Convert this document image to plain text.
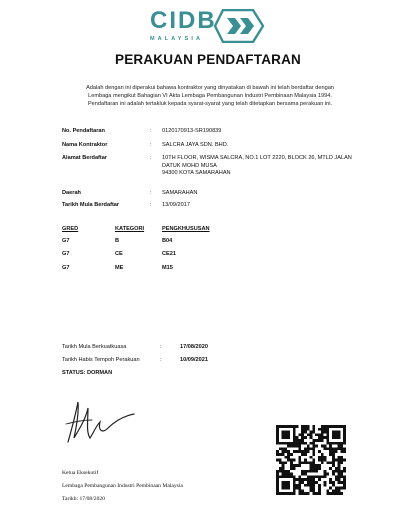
CIDB
MALAYSIA
PERAKUAN PENDAFTARAN
Adalah dengan ini diperakui bahawa kontraktor yang dinyatakan di bawah ini telah berdaftar dengan
Lembaga mengikut Bahagian VI Akta Lembaga Pembangunan Industri Pembinaan Malaysia 1994.
Pendaftaran ini adalah tertakluk kepada syarat-syarat yang telah ditetapkan bersama perakuan ini.
No. Pendaftaran	: 0120170913-SR190839
Nama Kontraktor	: SALCRA JAYA SDN. BHD.
Alamat Berdaftar	: 10TH FLOOR, WISMA SALCRA, NO.1 LOT 2220, BLOCK 26, MTLD JALAN
DATUK MOHD MUSA
94300 KOTA SAMARAHAN
Daerah	: SAMARAHAN
Tarikh Mula Berdaftar	: 13/09/2017
GRED	KATEGORI	PENGKHUSUSAN
G7	B	B04
G7	CE	CE21
G7	ME	M15
Tarikh Mula Berkuatkuasa	:	17/08/2020
Tarikh Habis Tempoh Perakuan	:	10/09/2021
STATUS: DORMAN
Ketua Eksekutif
Lembaga Pembangunan Industri Pembinaan Malaysia
Tarikh: 17/08/2020
